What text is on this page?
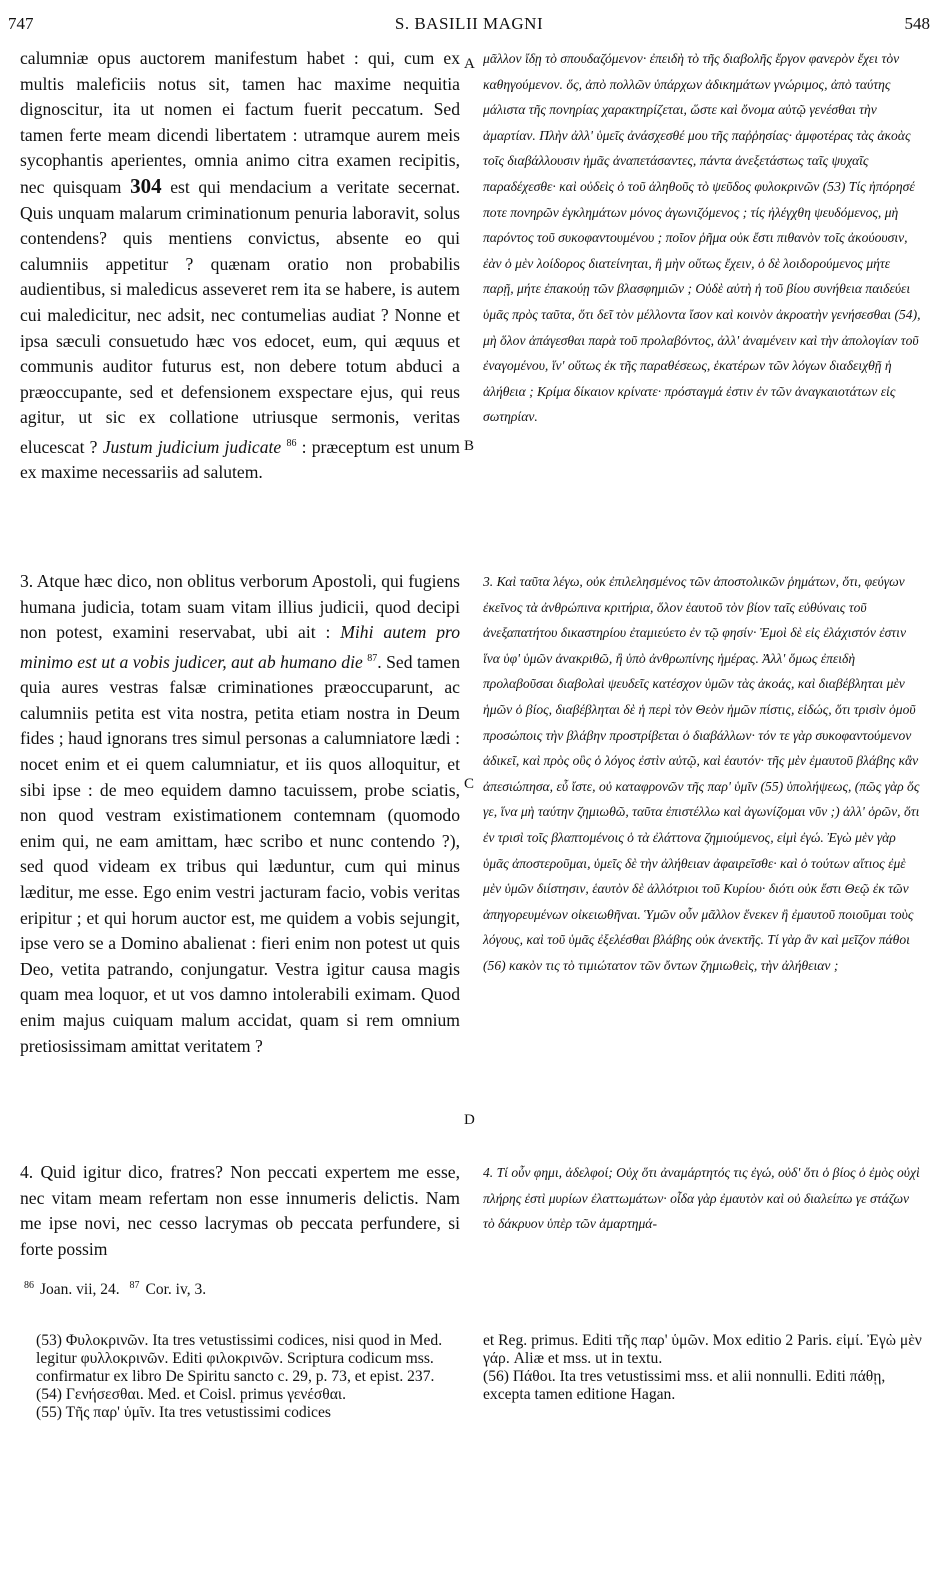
747	S. BASILII MAGNI	548
A
B
C
D

calumniæ opus auctorem manifestum habet : qui, cum ex multis maleficiis notus sit, tamen hac maxime nequitia dignoscitur, ita ut nomen ei factum fuerit peccatum. Sed tamen ferte meam dicendi libertatem : utramque aurem meis sycophantis aperientes, omnia animo citra examen recipitis, nec quisquam 304 est qui mendacium a veritate secernat. Quis unquam malarum criminationum penuria laboravit, solus contendens? quis mentiens convictus, absente eo qui calumniis appetitur ? quænam oratio non probabilis audientibus, si maledicus asseveret rem ita se habere, is autem cui maledicitur, nec adsit, nec contumelias audiat ? Nonne et ipsa sæculi consuetudo hæc vos edocet, eum, qui æquus et communis auditor futurus est, non debere totum abduci a præoccupante, sed et defensionem exspectare ejus, qui reus agitur, ut sic ex collatione utriusque sermonis, veritas elucescat ? Justum judicium judicate $^{86}$ : præceptum est unum ex maxime necessariis ad salutem.

3. Atque hæc dico, non oblitus verborum Apostoli, qui fugiens humana judicia, totam suam vitam illius judicii, quod decipi non potest, examini reservabat, ubi ait : Mihi autem pro minimo est ut a vobis judicer, aut ab humano die $^{87}$. Sed tamen quia aures vestras falsæ criminationes præoccuparunt, ac calumniis petita est vita nostra, petita etiam nostra in Deum fides ; haud ignorans tres simul personas a calumniatore lædi : nocet enim et ei quem calumniatur, et iis quos alloquitur, et sibi ipse : de meo equidem damno tacuissem, probe sciatis, non quod vestram existimationem contemnam (quomodo enim qui, ne eam amittam, hæc scribo et nunc contendo ?), sed quod videam ex tribus qui læduntur, cum qui minus læditur, me esse. Ego enim vestri jacturam facio, vobis veritas eripitur ; et qui horum auctor est, me quidem a vobis sejungit, ipse vero se a Domino abalienat : fieri enim non potest ut quis Deo, vetita patrando, conjungatur. Vestra igitur causa magis quam mea loquor, et ut vos damno intolerabili eximam. Quod enim majus cuiquam malum accidat, quam si rem omnium pretiosissimam amittat veritatem ?

4. Quid igitur dico, fratres? Non peccati expertem me esse, nec vitam meam refertam non esse innumeris delictis. Nam me ipse novi, nec cesso lacrymas ob peccata perfundere, si forte possim

μᾶλλον ἴδῃ τὸ σπουδαζόμενον· ἐπειδὴ τὸ τῆς διαβολῆς ἔργον φανερὸν ἔχει τὸν καθηγούμενον. ὅς, ἀπὸ πολλῶν ὑπάρχων ἀδικημάτων γνώριμος, ἀπὸ ταύτης μάλιστα τῆς πονηρίας χαρακτηρίζεται, ὥστε καὶ ὄνομα αὐτῷ γενέσθαι τὴν ἁμαρτίαν. Πλὴν ἀλλ' ὑμεῖς ἀνάσχεσθέ μου τῆς παῤῥησίας· ἀμφοτέρας τὰς ἀκοὰς τοῖς διαβάλλουσιν ἡμᾶς ἀναπετάσαντες, πάντα ἀνεξετάστως ταῖς ψυχαῖς παραδέχεσθε· καὶ οὐδεὶς ὁ τοῦ ἀληθοῦς τὸ ψεῦδος φυλοκρινῶν (53) Τίς ἠπόρησέ ποτε πονηρῶν ἐγκλημάτων μόνος ἀγωνιζόμενος ; τίς ἠλέγχθη ψευδόμενος, μὴ παρόντος τοῦ συκοφαντουμένου ; ποῖον ῥῆμα οὐκ ἔστι πιθανὸν τοῖς ἀκούουσιν, ἐὰν ὁ μὲν λοίδορος διατείνηται, ἢ μὴν οὕτως ἔχειν, ὁ δὲ λοιδορούμενος μήτε παρῇ, μήτε ἐπακούῃ τῶν βλασφημιῶν ; Οὐδὲ αὐτὴ ἡ τοῦ βίου συνήθεια παιδεύει ὑμᾶς πρὸς ταῦτα, ὅτι δεῖ τὸν μέλλοντα ἴσον καὶ κοινὸν ἀκροατὴν γενήσεσθαι (54), μὴ ὅλον ἀπάγεσθαι παρὰ τοῦ προλαβόντος, ἀλλ' ἀναμένειν καὶ τὴν ἀπολογίαν τοῦ ἐναγομένου, ἵν' οὕτως ἐκ τῆς παραθέσεως, ἑκατέρων τῶν λόγων διαδειχθῇ ἡ ἀλήθεια ; Κρίμα δίκαιον κρίνατε· πρόσταγμά ἐστιν ἐν τῶν ἀναγκαιοτάτων εἰς σωτηρίαν.

3. Καὶ ταῦτα λέγω, οὐκ ἐπιλελησμένος τῶν ἀποστολικῶν ῥημάτων, ὅτι, φεύγων ἐκεῖνος τὰ ἀνθρώπινα κριτήρια, ὅλον ἑαυτοῦ τὸν βίον ταῖς εὐθύναις τοῦ ἀνεξαπατήτου δικαστηρίου ἐταμιεύετο ἐν τῷ φησίν· Ἐμοὶ δὲ εἰς ἐλάχιστόν ἐστιν ἵνα ὑφ' ὑμῶν ἀνακριθῶ, ἢ ὑπὸ ἀνθρωπίνης ἡμέρας. Ἀλλ' ὅμως ἐπειδὴ προλαβοῦσαι διαβολαὶ ψευδεῖς κατέσχον ὑμῶν τὰς ἀκοάς, καὶ διαβέβληται μὲν ἡμῶν ὁ βίος, διαβέβληται δὲ ἡ περὶ τὸν Θεὸν ἡμῶν πίστις, εἰδώς, ὅτι τρισὶν ὁμοῦ προσώποις τὴν βλάβην προστρίβεται ὁ διαβάλλων· τόν τε γὰρ συκοφαντούμενον ἀδικεῖ, καὶ πρὸς οὓς ὁ λόγος ἐστὶν αὐτῷ, καὶ ἑαυτόν· τῆς μὲν ἐμαυτοῦ βλάβης κἂν ἀπεσιώπησα, εὖ ἴστε, οὐ καταφρονῶν τῆς παρ' ὑμῖν (55) ὑπολήψεως, (πῶς γὰρ ὅς γε, ἵνα μὴ ταύτην ζημιωθῶ, ταῦτα ἐπιστέλλω καὶ ἀγωνίζομαι νῦν ;) ἀλλ' ὁρῶν, ὅτι ἐν τρισὶ τοῖς βλαπτομένοις ὁ τὰ ἐλάττονα ζημιούμενος, εἰμὶ ἐγώ. Ἐγὼ μὲν γὰρ ὑμᾶς ἀποστεροῦμαι, ὑμεῖς δὲ τὴν ἀλήθειαν ἀφαιρεῖσθε· καὶ ὁ τούτων αἴτιος ἐμὲ μὲν ὑμῶν διίστησιν, ἑαυτὸν δὲ ἀλλότριοι τοῦ Κυρίου· διότι οὐκ ἔστι Θεῷ ἐκ τῶν ἀπηγορευμένων οἰκειωθῆναι. Ὑμῶν οὖν μᾶλλον ἕνεκεν ἢ ἐμαυτοῦ ποιοῦμαι τοὺς λόγους, καὶ τοῦ ὑμᾶς ἐξελέσθαι βλάβης οὐκ ἀνεκτῆς. Τί γὰρ ἂν καὶ μεῖζον πάθοι (56) κακὸν τις τὸ τιμιώτατον τῶν ὄντων ζημιωθεὶς, τὴν ἀλήθειαν ;

4. Τί οὖν φημι, ἀδελφοί; Οὐχ ὅτι ἀναμάρτητός τις ἐγώ, οὐδ' ὅτι ὁ βίος ὁ ἐμὸς οὐχὶ πλήρης ἐστὶ μυρίων ἐλαττωμάτων· οἶδα γὰρ ἐμαυτὸν καὶ οὐ διαλείπω γε στάζων τὸ δάκρυον ὑπὲρ τῶν ἁμαρτημά-

$^{86}$ Joan. vii, 24. $^{87}$ Cor. iv, 3.

(53) Φυλοκρινῶν. Ita tres vetustissimi codices, nisi quod in Med. legitur φυλλοκρινῶν. Editi φιλοκρινῶν. Scriptura codicum mss. confirmatur ex libro De Spiritu sancto c. 29, p. 73, et epist. 237.

(54) Γενήσεσθαι. Med. et Coisl. primus γενέσθαι.

(55) Τῆς παρ' ὑμῖν. Ita tres vetustissimi codices

et Reg. primus. Editi τῆς παρ' ὑμῶν. Mox editio 2 Paris. εἰμί. Ἐγὼ μὲν γάρ. Aliæ et mss. ut in textu.

(56) Πάθοι. Ita tres vetustissimi mss. et alii nonnulli. Editi πάθῃ, excepta tamen editione Hagan.
